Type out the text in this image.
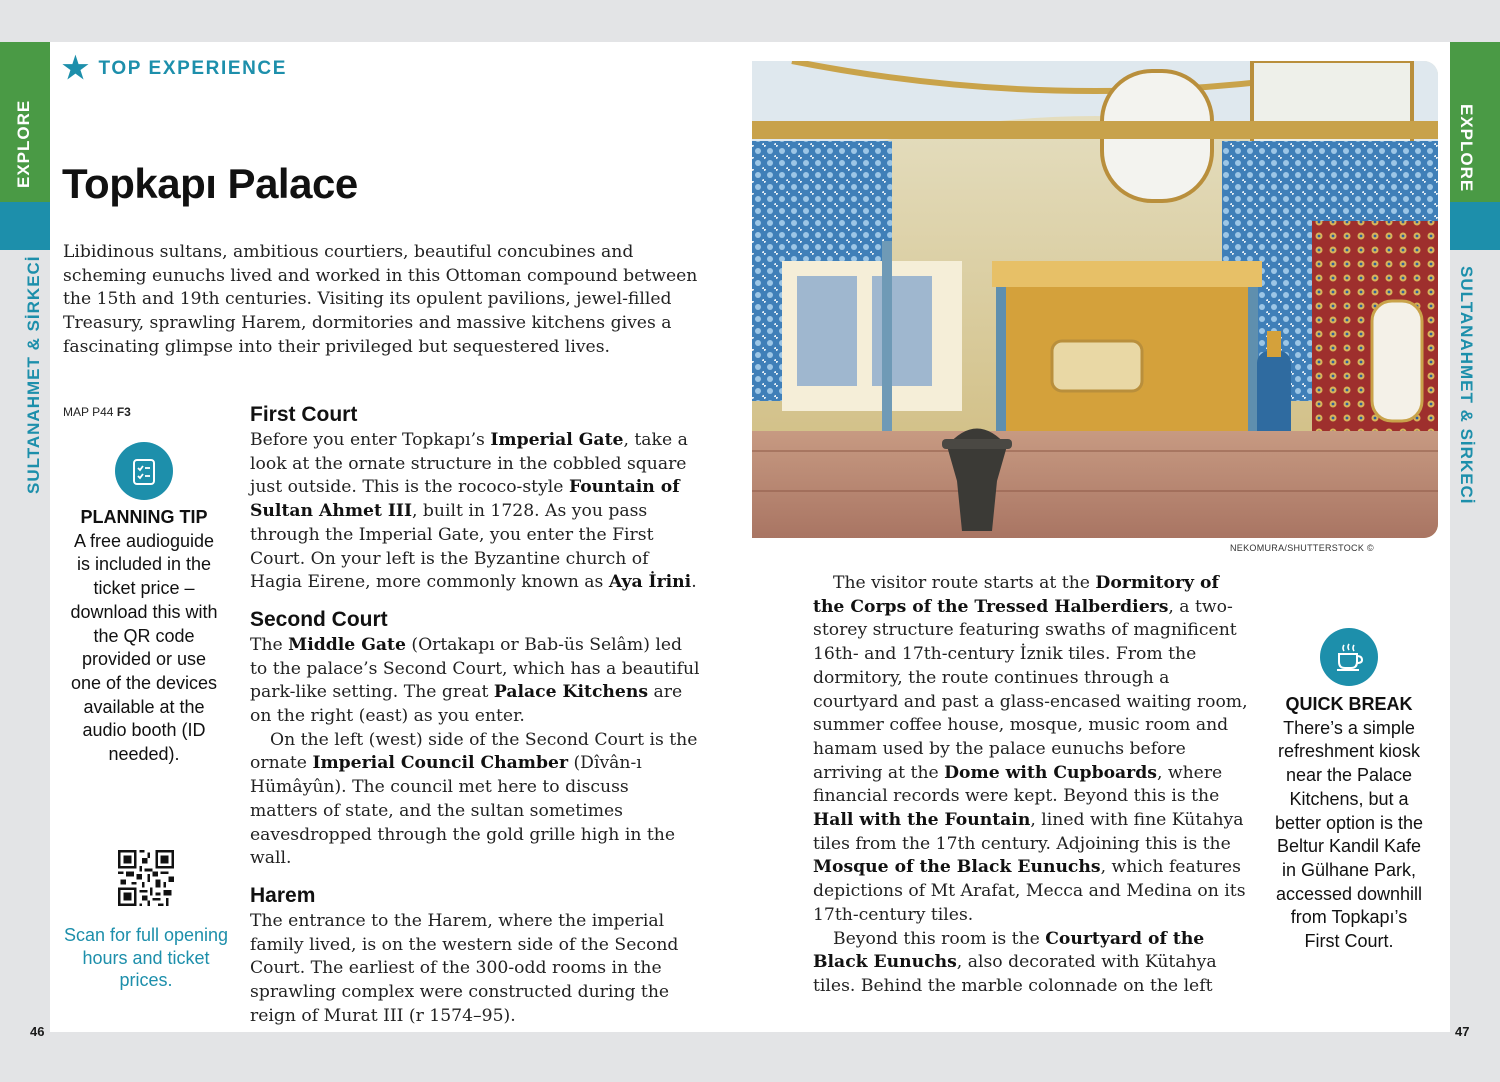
EXPLORE	EXPLORE
SULTANAHMET & SİRKECİ	SULTANAHMET & SİRKECİ
46	47
★ TOP EXPERIENCE
Topkapı Palace

Libidinous sultans, ambitious courtiers, beautiful concubines and scheming eunuchs lived and worked in this Ottoman compound between the 15th and 19th centuries. Visiting its opulent pavilions, jewel-filled Treasury, sprawling Harem, dormitories and massive kitchens gives a fascinating glimpse into their privileged but sequestered lives.

MAP P44 F3
PLANNING TIP
A free audioguide is included in the ticket price – download this with the QR code provided or use one of the devices available at the audio booth (ID needed).
Scan for full opening hours and ticket prices.
First Court

Before you enter Topkapı’s Imperial Gate, take a look at the ornate structure in the cobbled square just outside. This is the rococo-style Fountain of Sultan Ahmet III, built in 1728. As you pass through the Imperial Gate, you enter the First Court. On your left is the Byzantine church of Hagia Eirene, more commonly known as Aya İrini.

Second Court

The Middle Gate (Ortakapı or Bab-üs Selâm) led to the palace’s Second Court, which has a beautiful park-like setting. The great Palace Kitchens are on the right (east) as you enter.

On the left (west) side of the Second Court is the ornate Imperial Council Chamber (Dîvân-ı Hümâyûn). The council met here to discuss matters of state, and the sultan sometimes eavesdropped through the gold grille high in the wall.

Harem

The entrance to the Harem, where the imperial family lived, is on the western side of the Second Court. The earliest of the 300-odd rooms in the sprawling complex were constructed during the reign of Murat III (r 1574–95).

NEKOMURA/SHUTTERSTOCK ©

The visitor route starts at the Dormitory of the Corps of the Tressed Halberdiers, a two-storey structure featuring swaths of magnificent 16th- and 17th-century İznik tiles. From the dormitory, the route continues through a courtyard and past a glass-encased waiting room, summer coffee house, mosque, music room and hamam used by the palace eunuchs before arriving at the Dome with Cupboards, where financial records were kept. Beyond this is the Hall with the Fountain, lined with fine Kütahya tiles from the 17th century. Adjoining this is the Mosque of the Black Eunuchs, which features depictions of Mt Arafat, Mecca and Medina on its 17th-century tiles.

Beyond this room is the Courtyard of the Black Eunuchs, also decorated with Kütahya tiles. Behind the marble colonnade on the left

QUICK BREAK
There’s a simple refreshment kiosk near the Palace Kitchens, but a better option is the Beltur Kandil Kafe in Gülhane Park, accessed downhill from Topkapı’s First Court.
